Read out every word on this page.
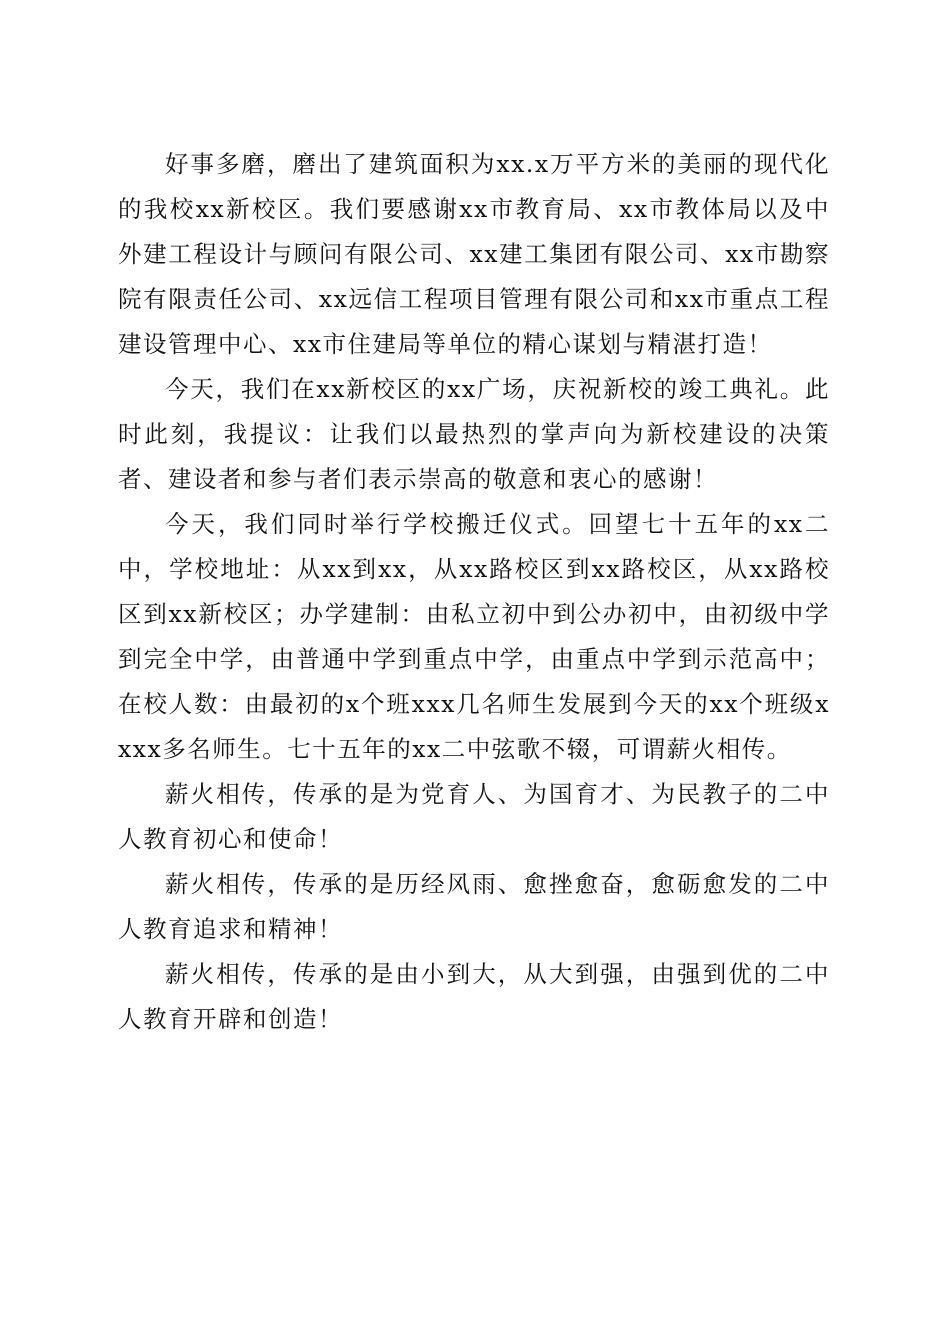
好事多磨，磨出了建筑面积为xx.x万平方米的美丽的现代化的我校xx新校区。我们要感谢xx市教育局、xx市教体局以及中外建工程设计与顾问有限公司、xx建工集团有限公司、xx市勘察院有限责任公司、xx远信工程项目管理有限公司和xx市重点工程建设管理中心、xx市住建局等单位的精心谋划与精湛打造！

今天，我们在xx新校区的xx广场，庆祝新校的竣工典礼。此时此刻，我提议：让我们以最热烈的掌声向为新校建设的决策者、建设者和参与者们表示崇高的敬意和衷心的感谢！

今天，我们同时举行学校搬迁仪式。回望七十五年的xx二中，学校地址：从xx到xx，从xx路校区到xx路校区，从xx路校区到xx新校区；办学建制：由私立初中到公办初中，由初级中学到完全中学，由普通中学到重点中学，由重点中学到示范高中；在校人数：由最初的x个班xxx几名师生发展到今天的xx个班级xxxx多名师生。七十五年的xx二中弦歌不辍，可谓薪火相传。

薪火相传，传承的是为党育人、为国育才、为民教子的二中人教育初心和使命！

薪火相传，传承的是历经风雨、愈挫愈奋，愈砺愈发的二中人教育追求和精神！

薪火相传，传承的是由小到大，从大到强，由强到优的二中人教育开辟和创造！
